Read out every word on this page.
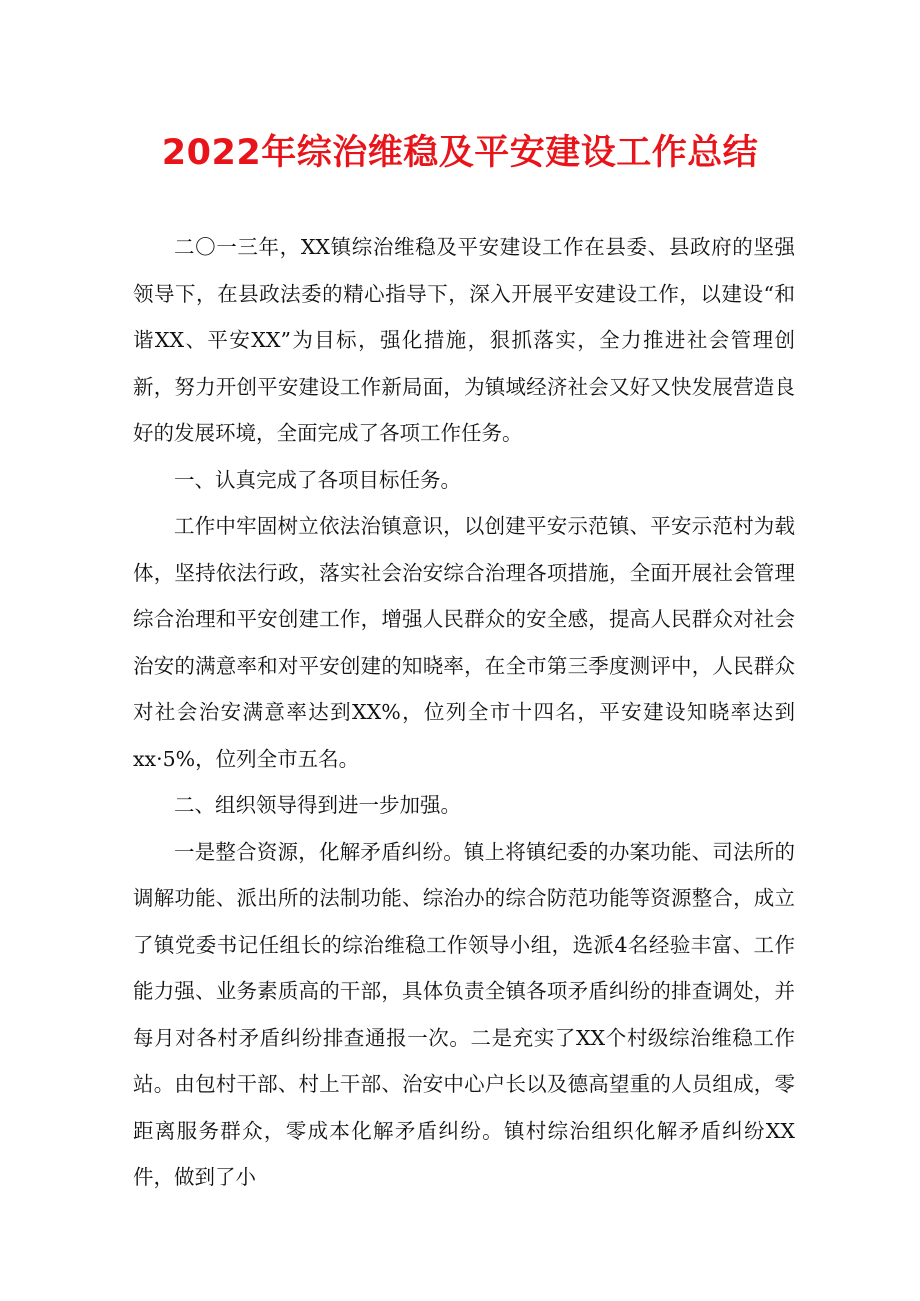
2022年综治维稳及平安建设工作总结

二〇一三年，XX镇综治维稳及平安建设工作在县委、县政府的坚强领导下，在县政法委的精心指导下，深入开展平安建设工作，以建设“和谐XX、平安XX”为目标，强化措施，狠抓落实，全力推进社会管理创新，努力开创平安建设工作新局面，为镇域经济社会又好又快发展营造良好的发展环境，全面完成了各项工作任务。

一、认真完成了各项目标任务。

工作中牢固树立依法治镇意识，以创建平安示范镇、平安示范村为载体，坚持依法行政，落实社会治安综合治理各项措施，全面开展社会管理综合治理和平安创建工作，增强人民群众的安全感，提高人民群众对社会治安的满意率和对平安创建的知晓率，在全市第三季度测评中，人民群众对社会治安满意率达到XX%，位列全市十四名，平安建设知晓率达到xx·5%，位列全市五名。

二、组织领导得到进一步加强。

一是整合资源，化解矛盾纠纷。镇上将镇纪委的办案功能、司法所的调解功能、派出所的法制功能、综治办的综合防范功能等资源整合，成立了镇党委书记任组长的综治维稳工作领导小组，选派4名经验丰富、工作能力强、业务素质高的干部，具体负责全镇各项矛盾纠纷的排查调处，并每月对各村矛盾纠纷排查通报一次。二是充实了XX个村级综治维稳工作站。由包村干部、村上干部、治安中心户长以及德高望重的人员组成，零距离服务群众，零成本化解矛盾纠纷。镇村综治组织化解矛盾纠纷XX件，做到了小
